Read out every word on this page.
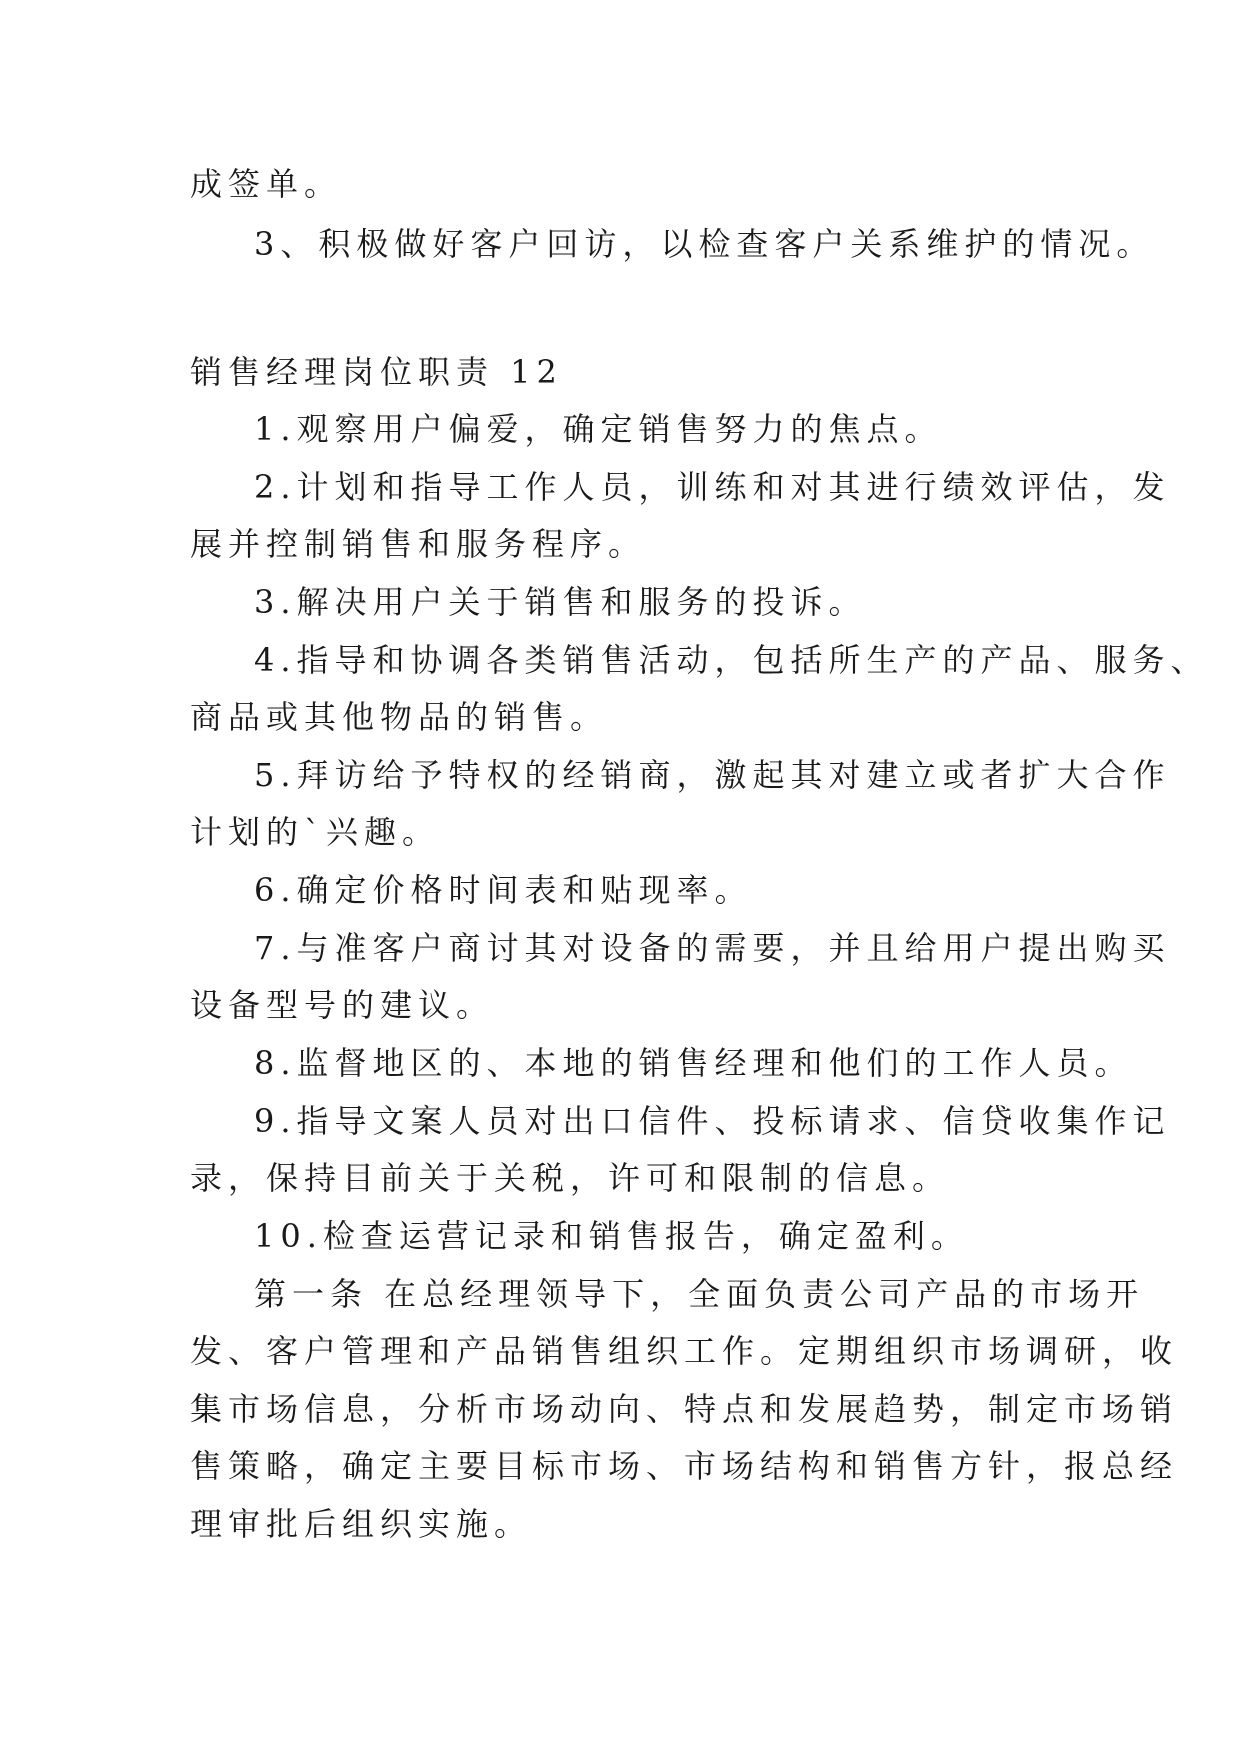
成签单。
3、积极做好客户回访，以检查客户关系维护的情况。
销售经理岗位职责 12
1.观察用户偏爱，确定销售努力的焦点。
2.计划和指导工作人员，训练和对其进行绩效评估，发
展并控制销售和服务程序。
3.解决用户关于销售和服务的投诉。
4.指导和协调各类销售活动，包括所生产的产品、服务、
商品或其他物品的销售。
5.拜访给予特权的经销商，激起其对建立或者扩大合作
计划的`兴趣。
6.确定价格时间表和贴现率。
7.与准客户商讨其对设备的需要，并且给用户提出购买
设备型号的建议。
8.监督地区的、本地的销售经理和他们的工作人员。
9.指导文案人员对出口信件、投标请求、信贷收集作记
录，保持目前关于关税，许可和限制的信息。
10.检查运营记录和销售报告，确定盈利。
第一条 在总经理领导下，全面负责公司产品的市场开
发、客户管理和产品销售组织工作。定期组织市场调研，收
集市场信息，分析市场动向、特点和发展趋势，制定市场销
售策略，确定主要目标市场、市场结构和销售方针，报总经
理审批后组织实施。
